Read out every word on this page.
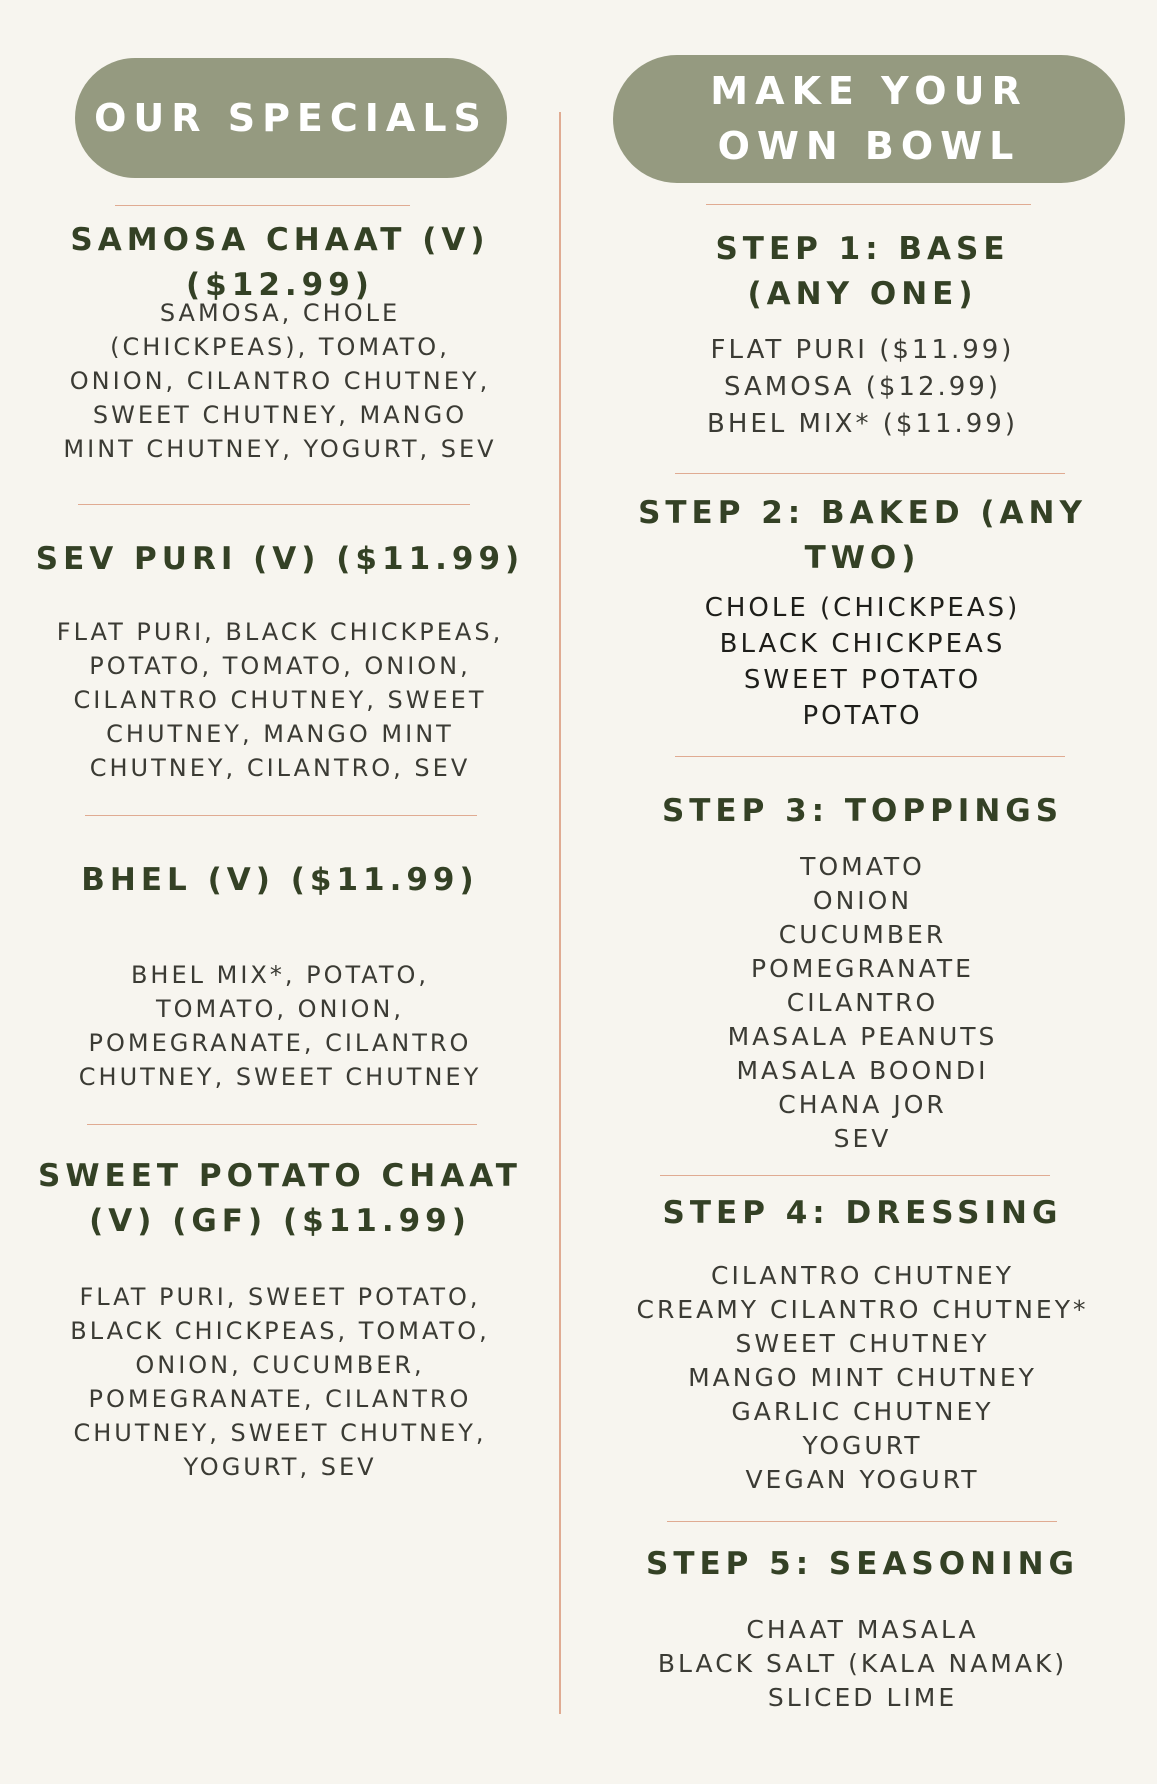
OUR SPECIALS
SAMOSA CHAAT (V) ($12.99)
SAMOSA, CHOLE (CHICKPEAS), TOMATO, ONION, CILANTRO CHUTNEY, SWEET CHUTNEY, MANGO MINT CHUTNEY, YOGURT, SEV
SEV PURI (V) ($11.99)
FLAT PURI, BLACK CHICKPEAS, POTATO, TOMATO, ONION, CILANTRO CHUTNEY, SWEET CHUTNEY, MANGO MINT CHUTNEY, CILANTRO, SEV
BHEL (V) ($11.99)
BHEL MIX*, POTATO, TOMATO, ONION, POMEGRANATE, CILANTRO CHUTNEY, SWEET CHUTNEY
SWEET POTATO CHAAT (V) (GF) ($11.99)
FLAT PURI, SWEET POTATO, BLACK CHICKPEAS, TOMATO, ONION, CUCUMBER, POMEGRANATE, CILANTRO CHUTNEY, SWEET CHUTNEY, YOGURT, SEV
MAKE YOUR OWN BOWL
STEP 1: BASE (ANY ONE)
FLAT PURI ($11.99)
SAMOSA ($12.99)
BHEL MIX* ($11.99)
STEP 2: BAKED (ANY TWO)
CHOLE (CHICKPEAS)
BLACK CHICKPEAS
SWEET POTATO
POTATO
STEP 3: TOPPINGS
TOMATO
ONION
CUCUMBER
POMEGRANATE
CILANTRO
MASALA PEANUTS
MASALA BOONDI
CHANA JOR
SEV
STEP 4: DRESSING
CILANTRO CHUTNEY
CREAMY CILANTRO CHUTNEY*
SWEET CHUTNEY
MANGO MINT CHUTNEY
GARLIC CHUTNEY
YOGURT
VEGAN YOGURT
STEP 5: SEASONING
CHAAT MASALA
BLACK SALT (KALA NAMAK)
SLICED LIME
